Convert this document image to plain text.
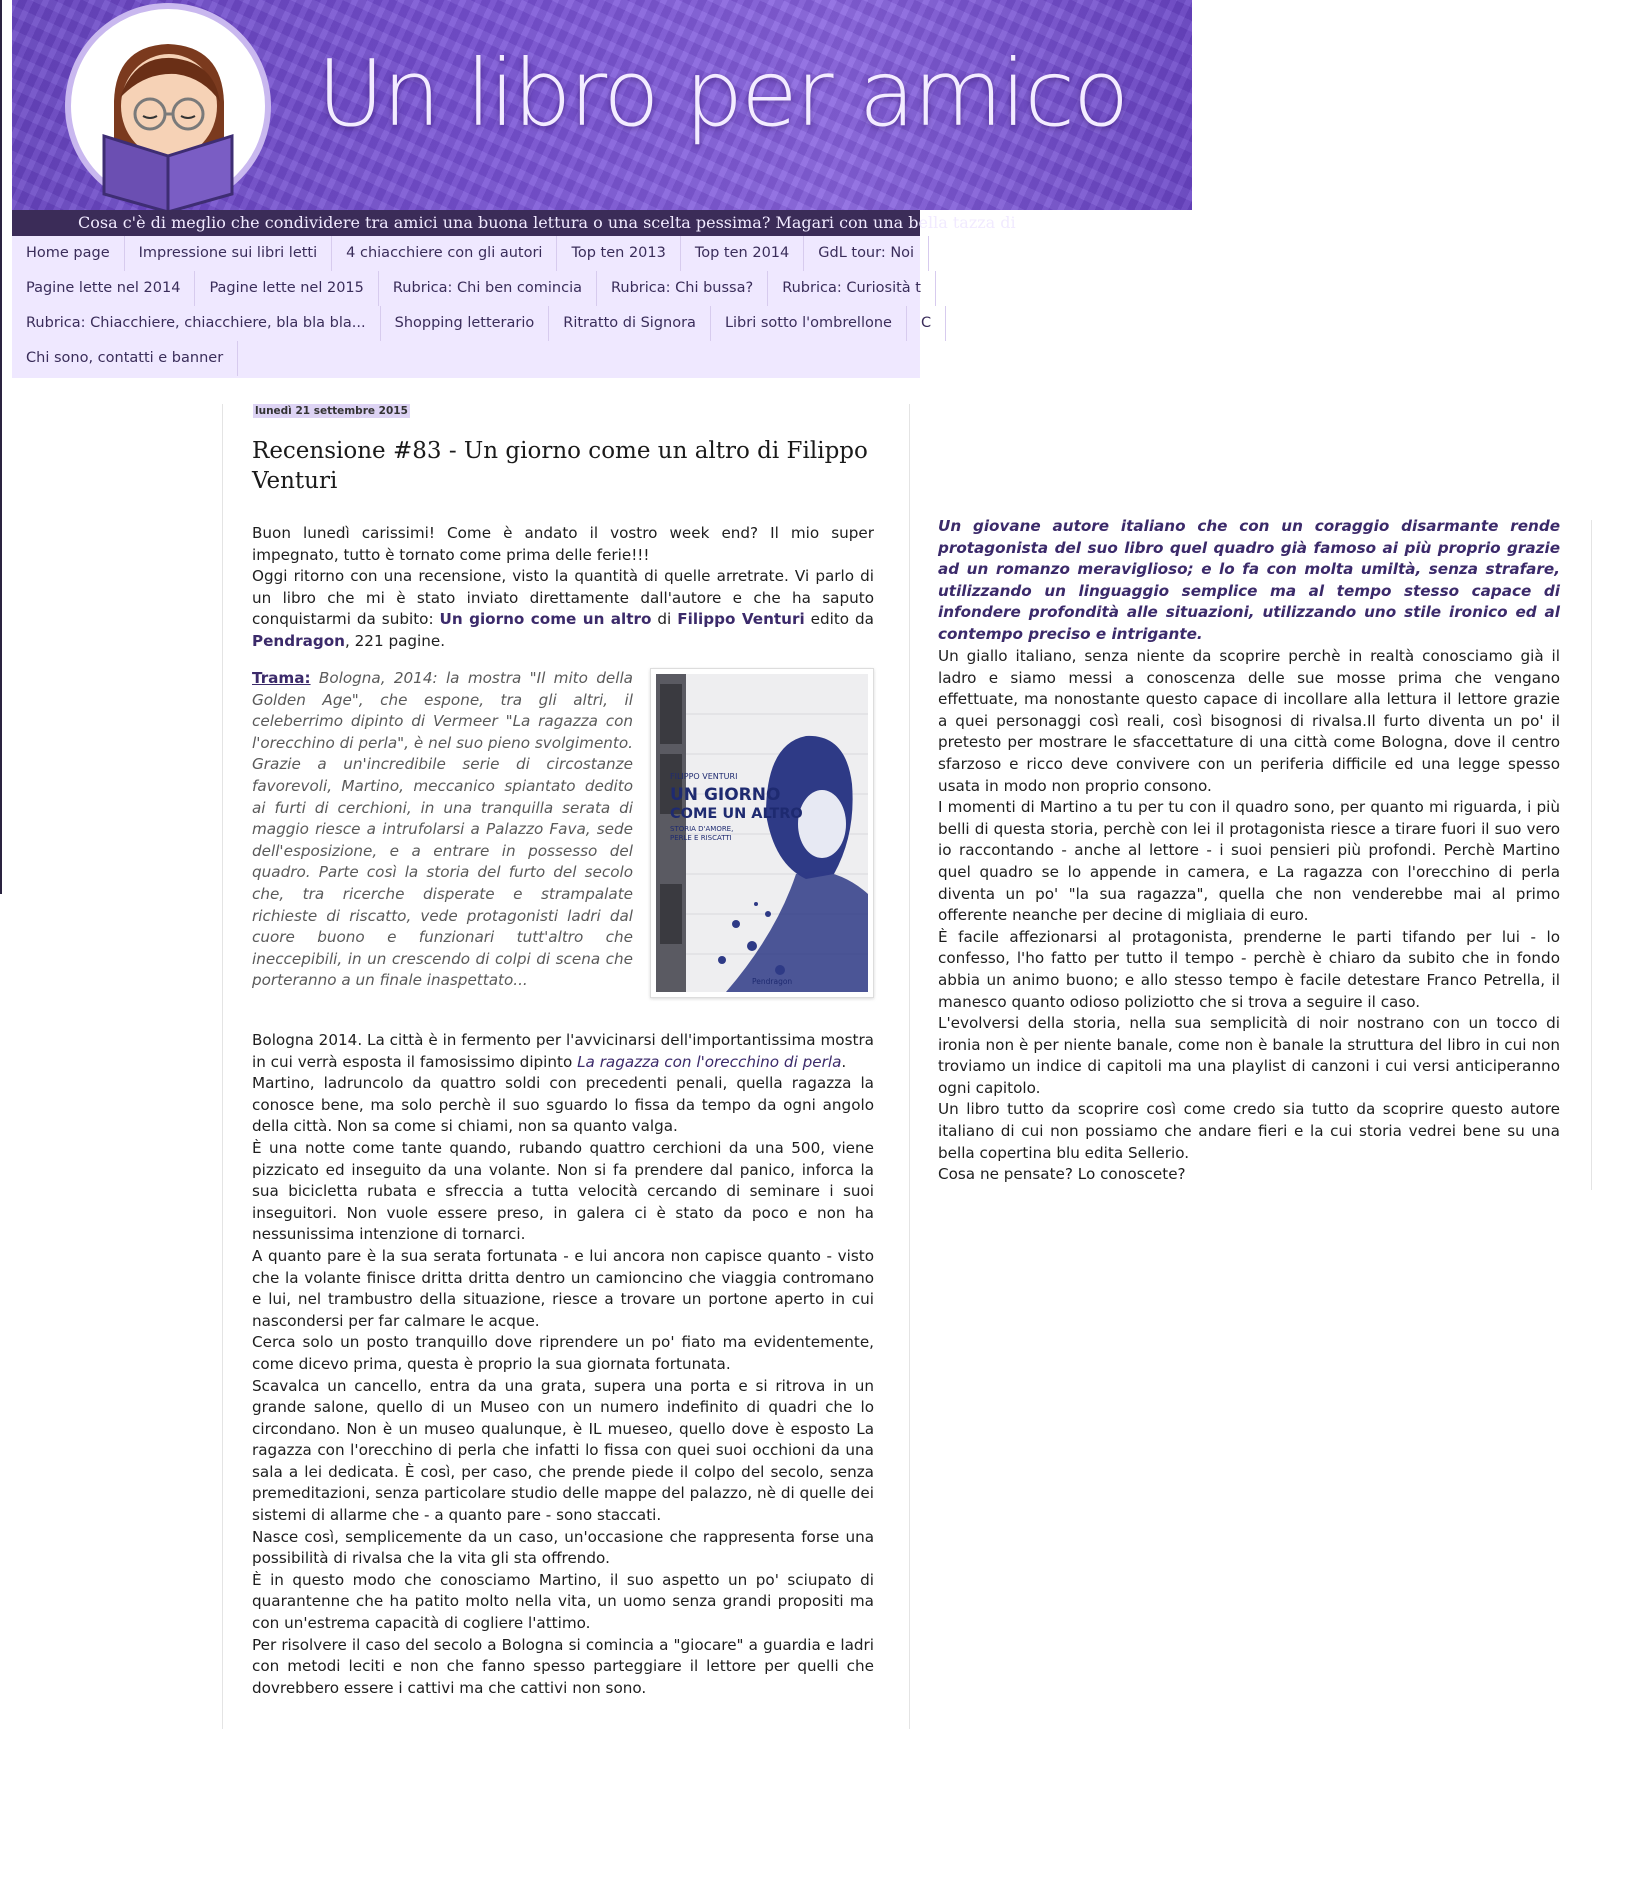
Un libro per amico
Cosa c'è di meglio che condividere tra amici una buona lettura o una scelta pessima? Magari con una bella tazza di
Home page Impressione sui libri letti 4 chiacchiere con gli autori Top ten 2013 Top ten 2014 GdL tour: Noi
Pagine lette nel 2014 Pagine lette nel 2015 Rubrica: Chi ben comincia Rubrica: Chi bussa? Rubrica: Curiosità t
Rubrica: Chiacchiere, chiacchiere, bla bla bla... Shopping letterario Ritratto di Signora Libri sotto l'ombrellone C
Chi sono, contatti e banner
lunedì 21 settembre 2015
Recensione #83 - Un giorno come un altro di Filippo Venturi

Buon lunedì carissimi! Come è andato il vostro week end? Il mio super impegnato, tutto è tornato come prima delle ferie!!!
Oggi ritorno con una recensione, visto la quantità di quelle arretrate. Vi parlo di un libro che mi è stato inviato direttamente dall'autore e che ha saputo conquistarmi da subito: Un giorno come un altro di Filippo Venturi edito da Pendragon, 221 pagine.

Trama: Bologna, 2014: la mostra "Il mito della Golden Age", che espone, tra gli altri, il celeberrimo dipinto di Vermeer "La ragazza con l'orecchino di perla", è nel suo pieno svolgimento. Grazie a un'incredibile serie di circostanze favorevoli, Martino, meccanico spiantato dedito ai furti di cerchioni, in una tranquilla serata di maggio riesce a intrufolarsi a Palazzo Fava, sede dell'esposizione, e a entrare in possesso del quadro. Parte così la storia del furto del secolo che, tra ricerche disperate e strampalate richieste di riscatto, vede protagonisti ladri dal cuore buono e funzionari tutt'altro che ineccepibili, in un crescendo di colpi di scena che porteranno a un finale inaspettato...

FILIPPO VENTURI
UN GIORNO
COME UN ALTRO
STORIA D'AMORE,
PERLE E RISCATTI
Pendragon

Bologna 2014. La città è in fermento per l'avvicinarsi dell'importantissima mostra in cui verrà esposta il famosissimo dipinto La ragazza con l'orecchino di perla.
Martino, ladruncolo da quattro soldi con precedenti penali, quella ragazza la conosce bene, ma solo perchè il suo sguardo lo fissa da tempo da ogni angolo della città. Non sa come si chiami, non sa quanto valga.
È una notte come tante quando, rubando quattro cerchioni da una 500, viene pizzicato ed inseguito da una volante. Non si fa prendere dal panico, inforca la sua bicicletta rubata e sfreccia a tutta velocità cercando di seminare i suoi inseguitori. Non vuole essere preso, in galera ci è stato da poco e non ha nessunissima intenzione di tornarci.
A quanto pare è la sua serata fortunata - e lui ancora non capisce quanto - visto che la volante finisce dritta dritta dentro un camioncino che viaggia contromano e lui, nel trambustro della situazione, riesce a trovare un portone aperto in cui nascondersi per far calmare le acque.
Cerca solo un posto tranquillo dove riprendere un po' fiato ma evidentemente, come dicevo prima, questa è proprio la sua giornata fortunata.
Scavalca un cancello, entra da una grata, supera una porta e si ritrova in un grande salone, quello di un Museo con un numero indefinito di quadri che lo circondano. Non è un museo qualunque, è IL mueseo, quello dove è esposto La ragazza con l'orecchino di perla che infatti lo fissa con quei suoi occhioni da una sala a lei dedicata. È così, per caso, che prende piede il colpo del secolo, senza premeditazioni, senza particolare studio delle mappe del palazzo, nè di quelle dei sistemi di allarme che - a quanto pare - sono staccati.
Nasce così, semplicemente da un caso, un'occasione che rappresenta forse una possibilità di rivalsa che la vita gli sta offrendo.
È in questo modo che conosciamo Martino, il suo aspetto un po' sciupato di quarantenne che ha patito molto nella vita, un uomo senza grandi propositi ma con un'estrema capacità di cogliere l'attimo.
Per risolvere il caso del secolo a Bologna si comincia a "giocare" a guardia e ladri con metodi leciti e non che fanno spesso parteggiare il lettore per quelli che dovrebbero essere i cattivi ma che cattivi non sono.

Un giovane autore italiano che con un coraggio disarmante rende protagonista del suo libro quel quadro già famoso ai più proprio grazie ad un romanzo meraviglioso; e lo fa con molta umiltà, senza strafare, utilizzando un linguaggio semplice ma al tempo stesso capace di infondere profondità alle situazioni, utilizzando uno stile ironico ed al contempo preciso e intrigante.

Un giallo italiano, senza niente da scoprire perchè in realtà conosciamo già il ladro e siamo messi a conoscenza delle sue mosse prima che vengano effettuate, ma nonostante questo capace di incollare alla lettura il lettore grazie a quei personaggi così reali, così bisognosi di rivalsa.Il furto diventa un po' il pretesto per mostrare le sfaccettature di una città come Bologna, dove il centro sfarzoso e ricco deve convivere con un periferia difficile ed una legge spesso usata in modo non proprio consono.
I momenti di Martino a tu per tu con il quadro sono, per quanto mi riguarda, i più belli di questa storia, perchè con lei il protagonista riesce a tirare fuori il suo vero io raccontando - anche al lettore - i suoi pensieri più profondi. Perchè Martino quel quadro se lo appende in camera, e La ragazza con l'orecchino di perla diventa un po' "la sua ragazza", quella che non venderebbe mai al primo offerente neanche per decine di migliaia di euro.
È facile affezionarsi al protagonista, prenderne le parti tifando per lui - lo confesso, l'ho fatto per tutto il tempo - perchè è chiaro da subito che in fondo abbia un animo buono; e allo stesso tempo è facile detestare Franco Petrella, il manesco quanto odioso poliziotto che si trova a seguire il caso.
L'evolversi della storia, nella sua semplicità di noir nostrano con un tocco di ironia non è per niente banale, come non è banale la struttura del libro in cui non troviamo un indice di capitoli ma una playlist di canzoni i cui versi anticiperanno ogni capitolo.
Un libro tutto da scoprire così come credo sia tutto da scoprire questo autore italiano di cui non possiamo che andare fieri e la cui storia vedrei bene su una bella copertina blu edita Sellerio.
Cosa ne pensate? Lo conoscete?
